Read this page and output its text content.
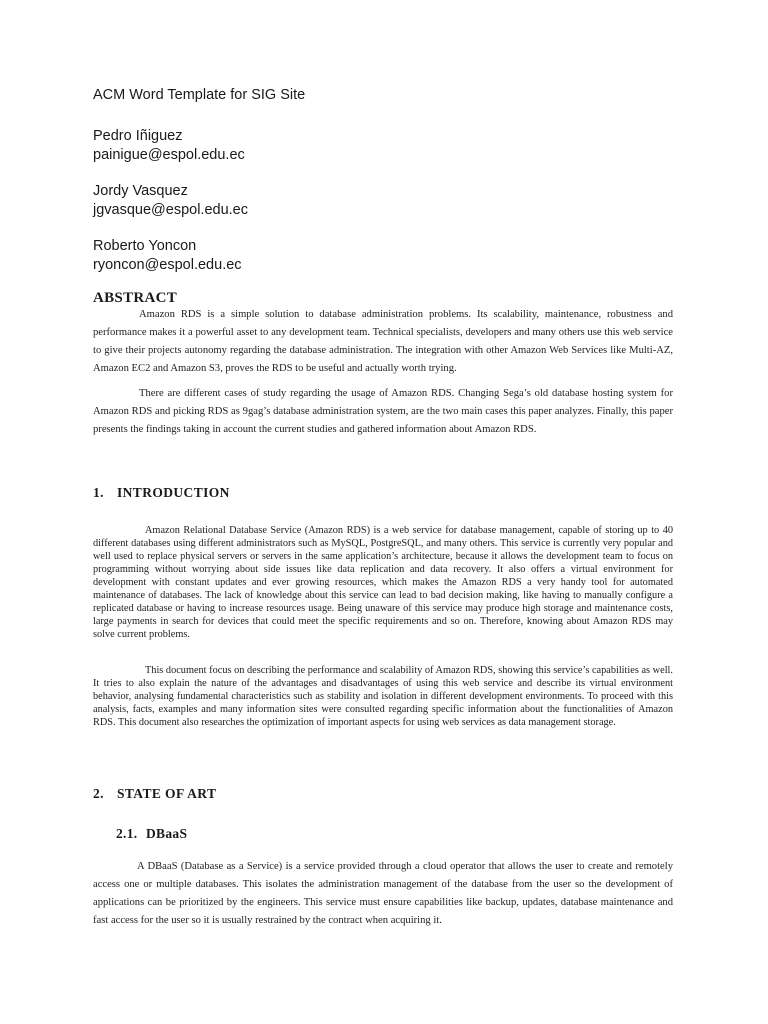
ACM Word Template for SIG Site
Pedro Iñiguez
painigue@espol.edu.ec
Jordy Vasquez
jgvasque@espol.edu.ec
Roberto Yoncon
ryoncon@espol.edu.ec
ABSTRACT
Amazon RDS is a simple solution to database administration problems. Its scalability, maintenance, robustness and performance makes it a powerful asset to any development team. Technical specialists, developers and many others use this web service to give their projects autonomy regarding the database administration. The integration with other Amazon Web Services like Multi-AZ, Amazon EC2 and Amazon S3, proves the RDS to be useful and actually worth trying.
There are different cases of study regarding the usage of Amazon RDS. Changing Sega’s old database hosting system for Amazon RDS and picking RDS as 9gag’s database administration system, are the two main cases this paper analyzes. Finally, this paper presents the findings taking in account the current studies and gathered information about Amazon RDS.
1. INTRODUCTION
Amazon Relational Database Service (Amazon RDS) is a web service for database management, capable of storing up to 40 different databases using different administrators such as MySQL, PostgreSQL, and many others. This service is currently very popular and well used to replace physical servers or servers in the same application’s architecture, because it allows the development team to focus on programming without worrying about side issues like data replication and data recovery. It also offers a virtual environment for development with constant updates and ever growing resources, which makes the Amazon RDS a very handy tool for automated maintenance of databases. The lack of knowledge about this service can lead to bad decision making, like having to manually configure a replicated database or having to increase resources usage. Being unaware of this service may produce high storage and maintenance costs, large payments in search for devices that could meet the specific requirements and so on. Therefore, knowing about Amazon RDS may solve current problems.
This document focus on describing the performance and scalability of Amazon RDS, showing this service’s capabilities as well. It tries to also explain the nature of the advantages and disadvantages of using this web service and describe its virtual environment behavior, analysing fundamental characteristics such as stability and isolation in different development environments. To proceed with this analysis, facts, examples and many information sites were consulted regarding specific information about the functionalities of Amazon RDS. This document also researches the optimization of important aspects for using web services as data management storage.
2. STATE OF ART
2.1. DBaaS
A DBaaS (Database as a Service) is a service provided through a cloud operator that allows the user to create and remotely access one or multiple databases. This isolates the administration management of the database from the user so the development of applications can be prioritized by the engineers. This service must ensure capabilities like backup, updates, database maintenance and fast access for the user so it is usually restrained by the contract when acquiring it.
